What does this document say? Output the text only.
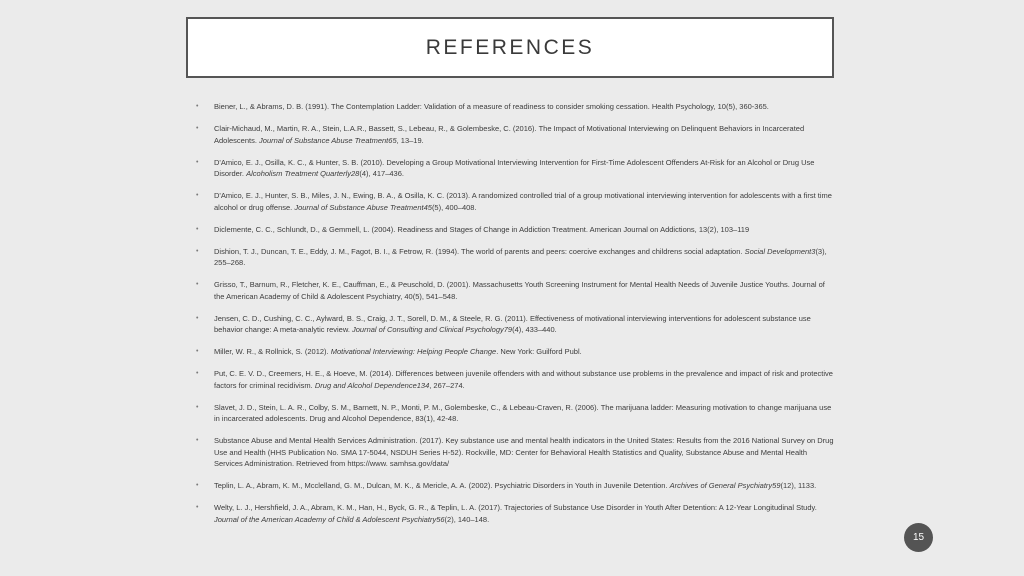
REFERENCES
• Biener, L., & Abrams, D. B. (1991). The Contemplation Ladder: Validation of a measure of readiness to consider smoking cessation. Health Psychology, 10(5), 360-365.
• Clair-Michaud, M., Martin, R. A., Stein, L.A.R., Bassett, S., Lebeau, R., & Golembeske, C. (2016). The Impact of Motivational Interviewing on Delinquent Behaviors in Incarcerated Adolescents. Journal of Substance Abuse Treatment65, 13–19.
• D'Amico, E. J., Osilla, K. C., & Hunter, S. B. (2010). Developing a Group Motivational Interviewing Intervention for First-Time Adolescent Offenders At-Risk for an Alcohol or Drug Use Disorder. Alcoholism Treatment Quarterly28(4), 417–436.
• D'Amico, E. J., Hunter, S. B., Miles, J. N., Ewing, B. A., & Osilla, K. C. (2013). A randomized controlled trial of a group motivational interviewing intervention for adolescents with a first time alcohol or drug offense. Journal of Substance Abuse Treatment45(5), 400–408.
• Diclemente, C. C., Schlundt, D., & Gemmell, L. (2004). Readiness and Stages of Change in Addiction Treatment. American Journal on Addictions, 13(2), 103–119
• Dishion, T. J., Duncan, T. E., Eddy, J. M., Fagot, B. I., & Fetrow, R. (1994). The world of parents and peers: coercive exchanges and childrens social adaptation. Social Development3(3), 255–268.
• Grisso, T., Barnum, R., Fletcher, K. E., Cauffman, E., & Peuschold, D. (2001). Massachusetts Youth Screening Instrument for Mental Health Needs of Juvenile Justice Youths. Journal of the American Academy of Child & Adolescent Psychiatry, 40(5), 541–548.
• Jensen, C. D., Cushing, C. C., Aylward, B. S., Craig, J. T., Sorell, D. M., & Steele, R. G. (2011). Effectiveness of motivational interviewing interventions for adolescent substance use behavior change: A meta-analytic review. Journal of Consulting and Clinical Psychology79(4), 433–440.
• Miller, W. R., & Rollnick, S. (2012). Motivational Interviewing: Helping People Change. New York: Guilford Publ.
• Put, C. E. V. D., Creemers, H. E., & Hoeve, M. (2014). Differences between juvenile offenders with and without substance use problems in the prevalence and impact of risk and protective factors for criminal recidivism. Drug and Alcohol Dependence134, 267–274.
• Slavet, J. D., Stein, L. A. R., Colby, S. M., Barnett, N. P., Monti, P. M., Golembeske, C., & Lebeau-Craven, R. (2006). The marijuana ladder: Measuring motivation to change marijuana use in incarcerated adolescents. Drug and Alcohol Dependence, 83(1), 42-48.
• Substance Abuse and Mental Health Services Administration. (2017). Key substance use and mental health indicators in the United States: Results from the 2016 National Survey on Drug Use and Health (HHS Publication No. SMA 17-5044, NSDUH Series H-52). Rockville, MD: Center for Behavioral Health Statistics and Quality, Substance Abuse and Mental Health Services Administration. Retrieved from https://www. samhsa.gov/data/
• Teplin, L. A., Abram, K. M., Mcclelland, G. M., Dulcan, M. K., & Mericle, A. A. (2002). Psychiatric Disorders in Youth in Juvenile Detention. Archives of General Psychiatry59(12), 1133.
• Welty, L. J., Hershfield, J. A., Abram, K. M., Han, H., Byck, G. R., & Teplin, L. A. (2017). Trajectories of Substance Use Disorder in Youth After Detention: A 12-Year Longitudinal Study. Journal of the American Academy of Child & Adolescent Psychiatry56(2), 140–148.
15
